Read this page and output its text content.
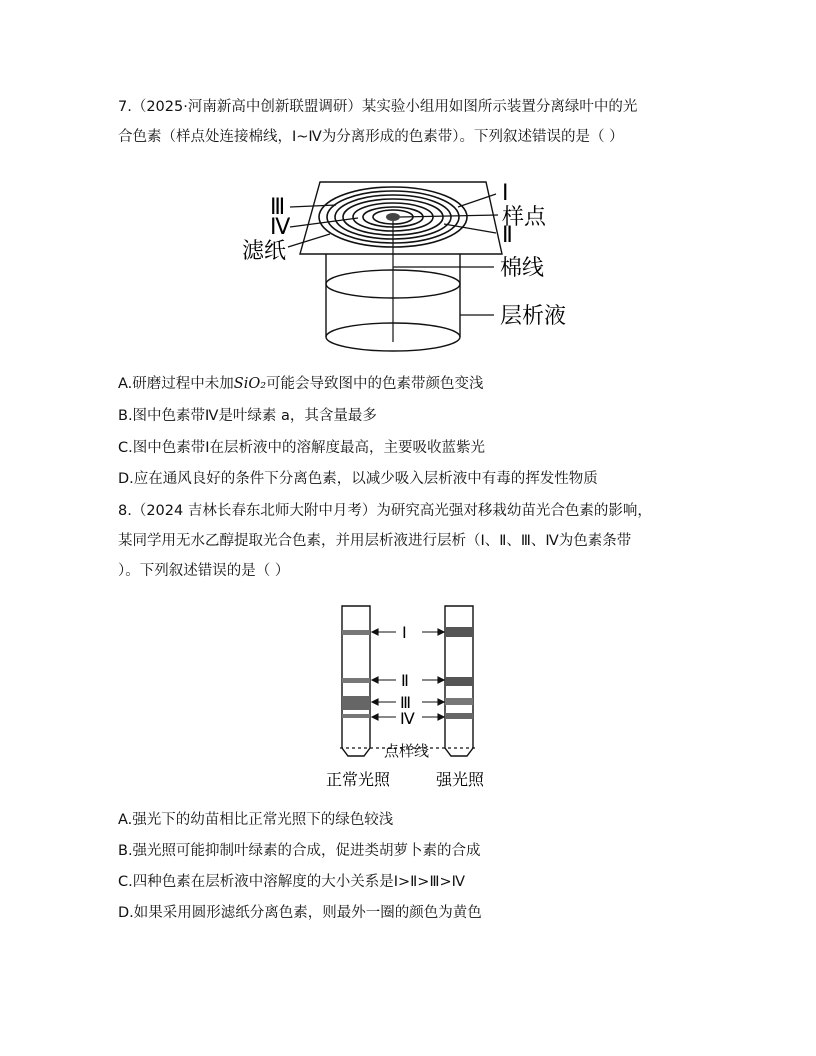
7.（2025·河南新高中创新联盟调研）某实验小组用如图所示装置分离绿叶中的光
合色素（样点处连接棉线，Ⅰ~Ⅳ为分离形成的色素带）。下列叙述错误的是（ ）
Ⅲ
Ⅳ
滤纸
Ⅰ
样点
Ⅱ
棉线
层析液
A.研磨过程中未加SiO₂可能会导致图中的色素带颜色变浅
B.图中色素带Ⅳ是叶绿素 a，其含量最多
C.图中色素带Ⅰ在层析液中的溶解度最高，主要吸收蓝紫光
D.应在通风良好的条件下分离色素，以减少吸入层析液中有毒的挥发性物质
8.（2024 吉林长春东北师大附中月考）为研究高光强对移栽幼苗光合色素的影响，
某同学用无水乙醇提取光合色素，并用层析液进行层析（Ⅰ、Ⅱ、Ⅲ、Ⅳ为色素条带
）。下列叙述错误的是（ ）
Ⅰ
Ⅱ
Ⅲ
Ⅳ
点样线
正常光照	强光照
A.强光下的幼苗相比正常光照下的绿色较浅
B.强光照可能抑制叶绿素的合成，促进类胡萝卜素的合成
C.四种色素在层析液中溶解度的大小关系是Ⅰ>Ⅱ>Ⅲ>Ⅳ
D.如果采用圆形滤纸分离色素，则最外一圈的颜色为黄色
